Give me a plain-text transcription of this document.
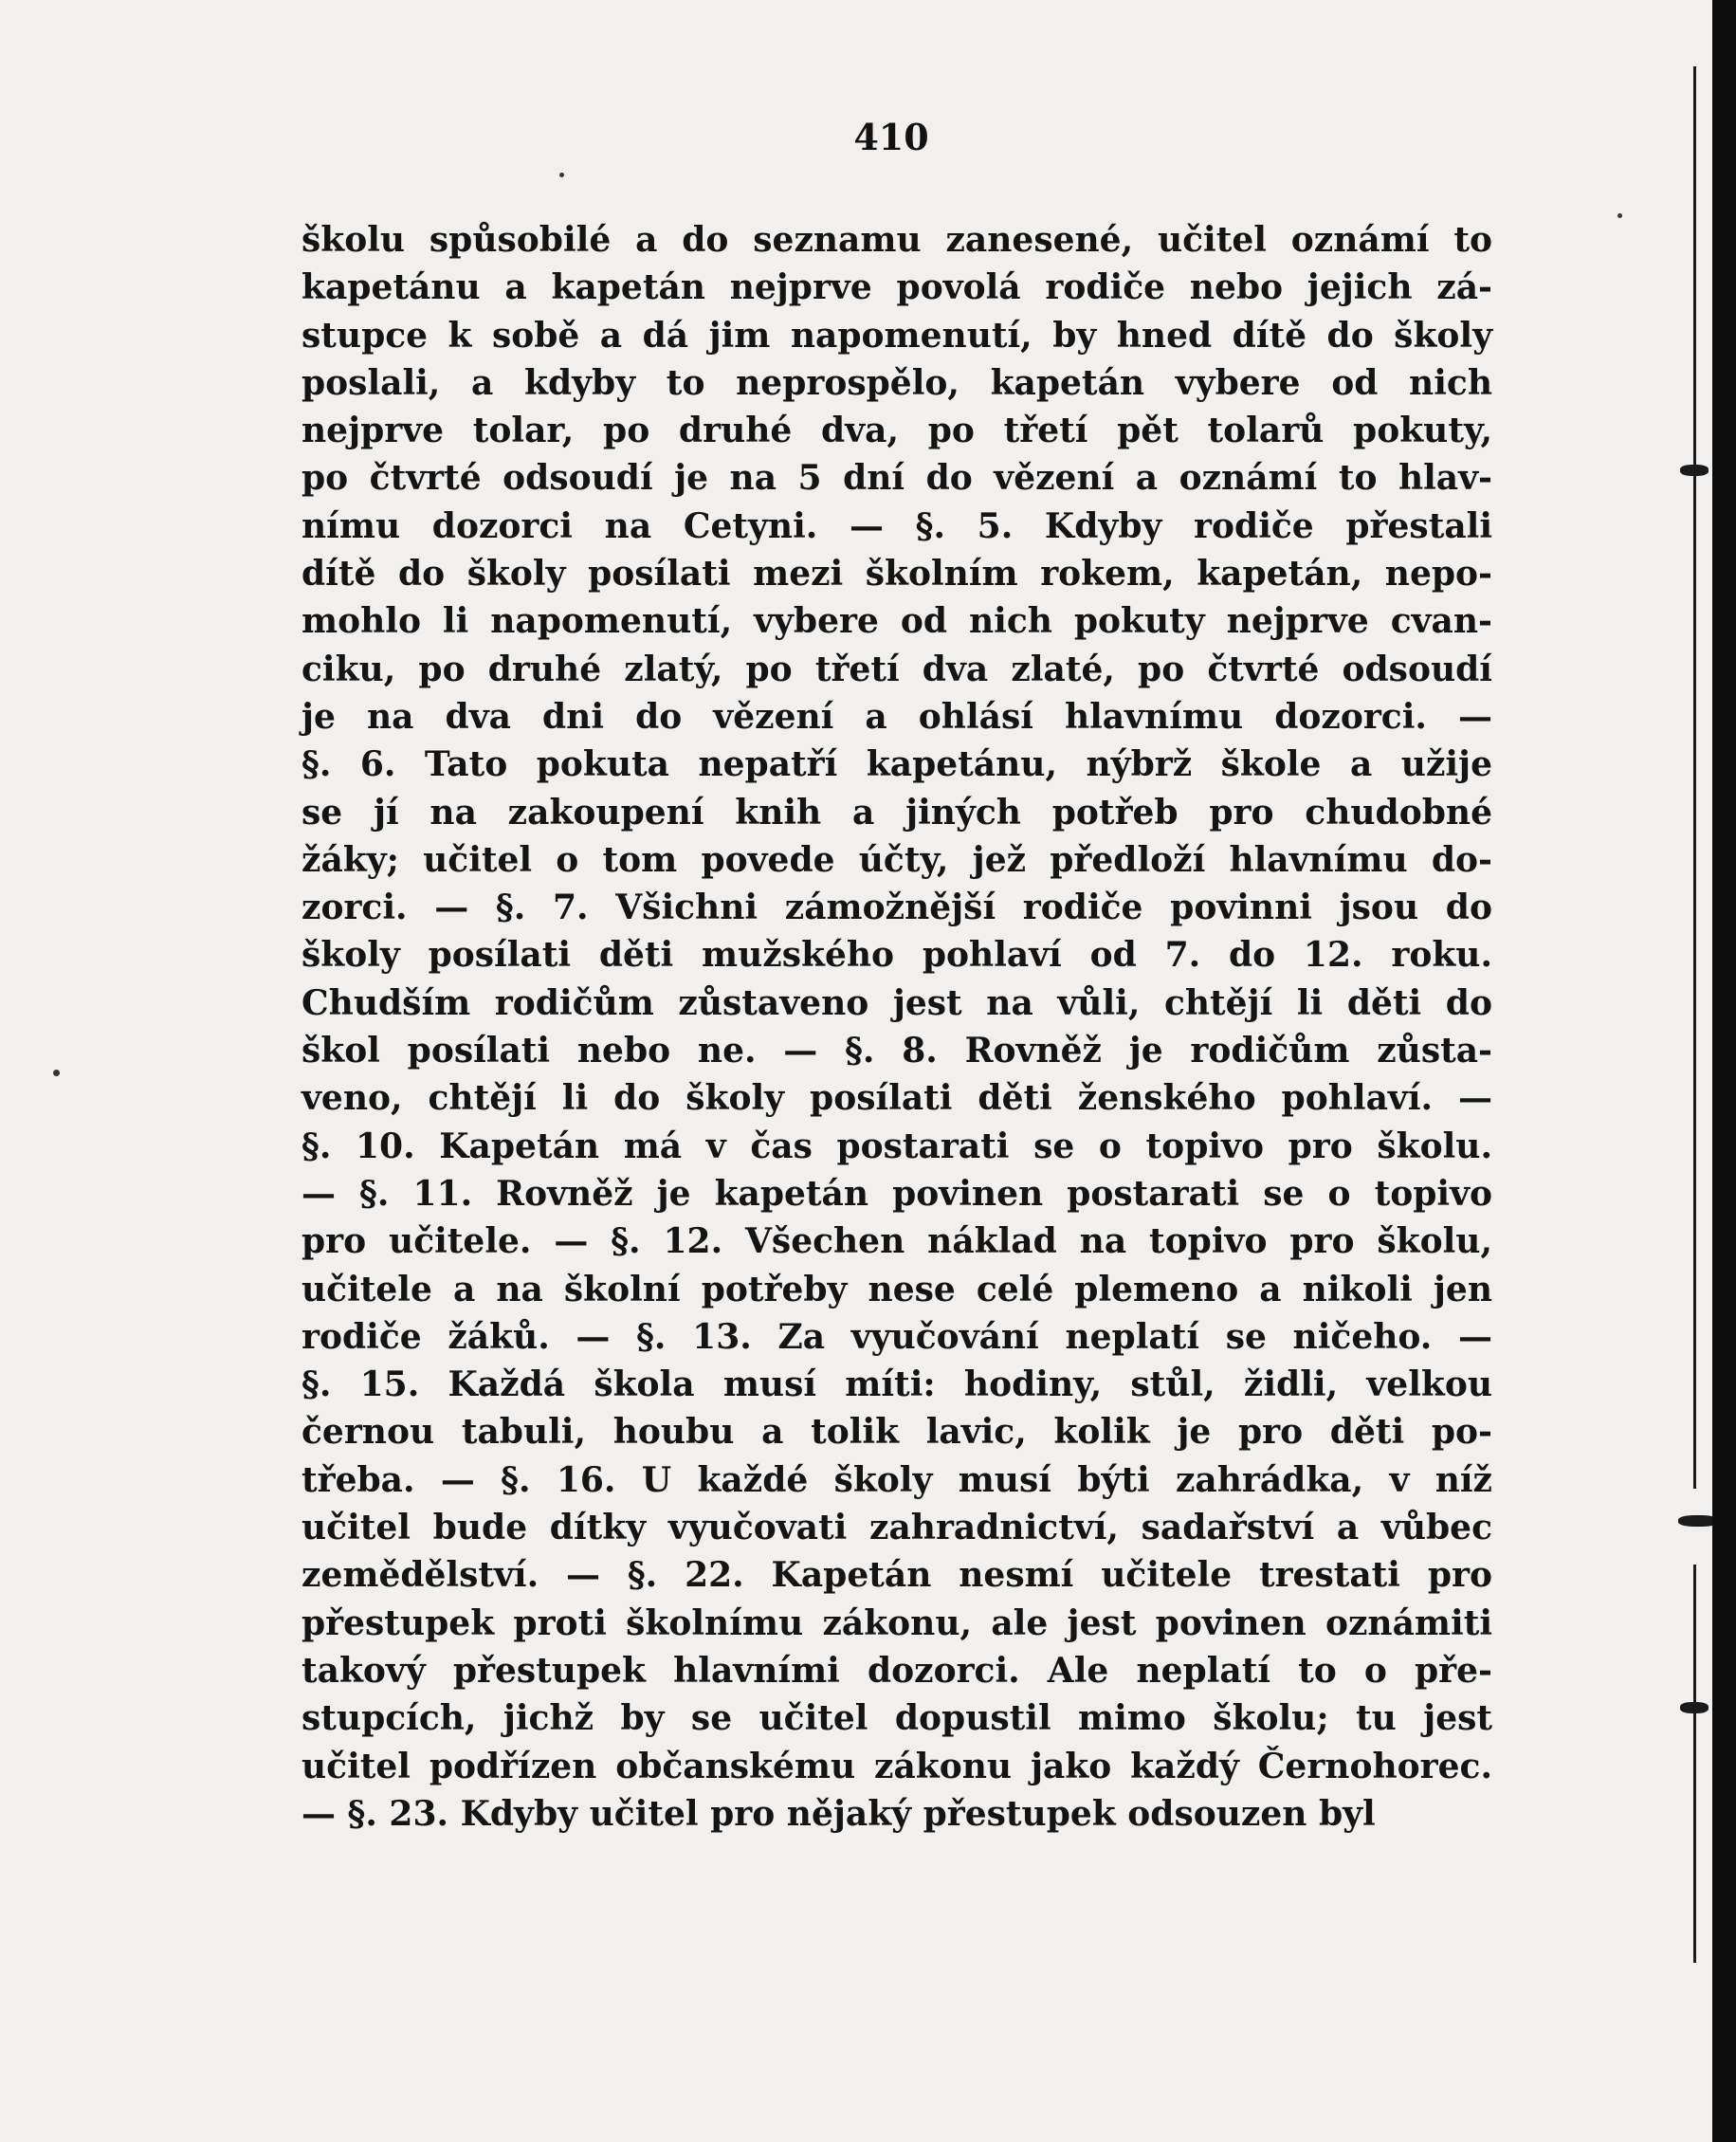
410
školu spůsobilé a do seznamu zanesené, učitel oznámí to
kapetánu a kapetán nejprve povolá rodiče nebo jejich zá-
stupce k sobě a dá jim napomenutí, by hned dítě do školy
poslali, a kdyby to neprospělo, kapetán vybere od nich
nejprve tolar, po druhé dva, po třetí pět tolarů pokuty,
po čtvrté odsoudí je na 5 dní do vězení a oznámí to hlav-
nímu dozorci na Cetyni. — §. 5. Kdyby rodiče přestali
dítě do školy posílati mezi školním rokem, kapetán, nepo-
mohlo li napomenutí, vybere od nich pokuty nejprve cvan-
ciku, po druhé zlatý, po třetí dva zlaté, po čtvrté odsoudí
je na dva dni do vězení a ohlásí hlavnímu dozorci. —
§. 6. Tato pokuta nepatří kapetánu, nýbrž škole a užije
se jí na zakoupení knih a jiných potřeb pro chudobné
žáky; učitel o tom povede účty, jež předloží hlavnímu do-
zorci. — §. 7. Všichni zámožnější rodiče povinni jsou do
školy posílati děti mužského pohlaví od 7. do 12. roku.
Chudším rodičům zůstaveno jest na vůli, chtějí li děti do
škol posílati nebo ne. — §. 8. Rovněž je rodičům zůsta-
veno, chtějí li do školy posílati děti ženského pohlaví. —
§. 10. Kapetán má v čas postarati se o topivo pro školu.
— §. 11. Rovněž je kapetán povinen postarati se o topivo
pro učitele. — §. 12. Všechen náklad na topivo pro školu,
učitele a na školní potřeby nese celé plemeno a nikoli jen
rodiče žáků. — §. 13. Za vyučování neplatí se ničeho. —
§. 15. Každá škola musí míti: hodiny, stůl, židli, velkou
černou tabuli, houbu a tolik lavic, kolik je pro děti po-
třeba. — §. 16. U každé školy musí býti zahrádka, v níž
učitel bude dítky vyučovati zahradnictví, sadařství a vůbec
zemědělství. — §. 22. Kapetán nesmí učitele trestati pro
přestupek proti školnímu zákonu, ale jest povinen oznámiti
takový přestupek hlavními dozorci. Ale neplatí to o pře-
stupcích, jichž by se učitel dopustil mimo školu; tu jest
učitel podřízen občanskému zákonu jako každý Černohorec.
— §. 23. Kdyby učitel pro nějaký přestupek odsouzen byl
